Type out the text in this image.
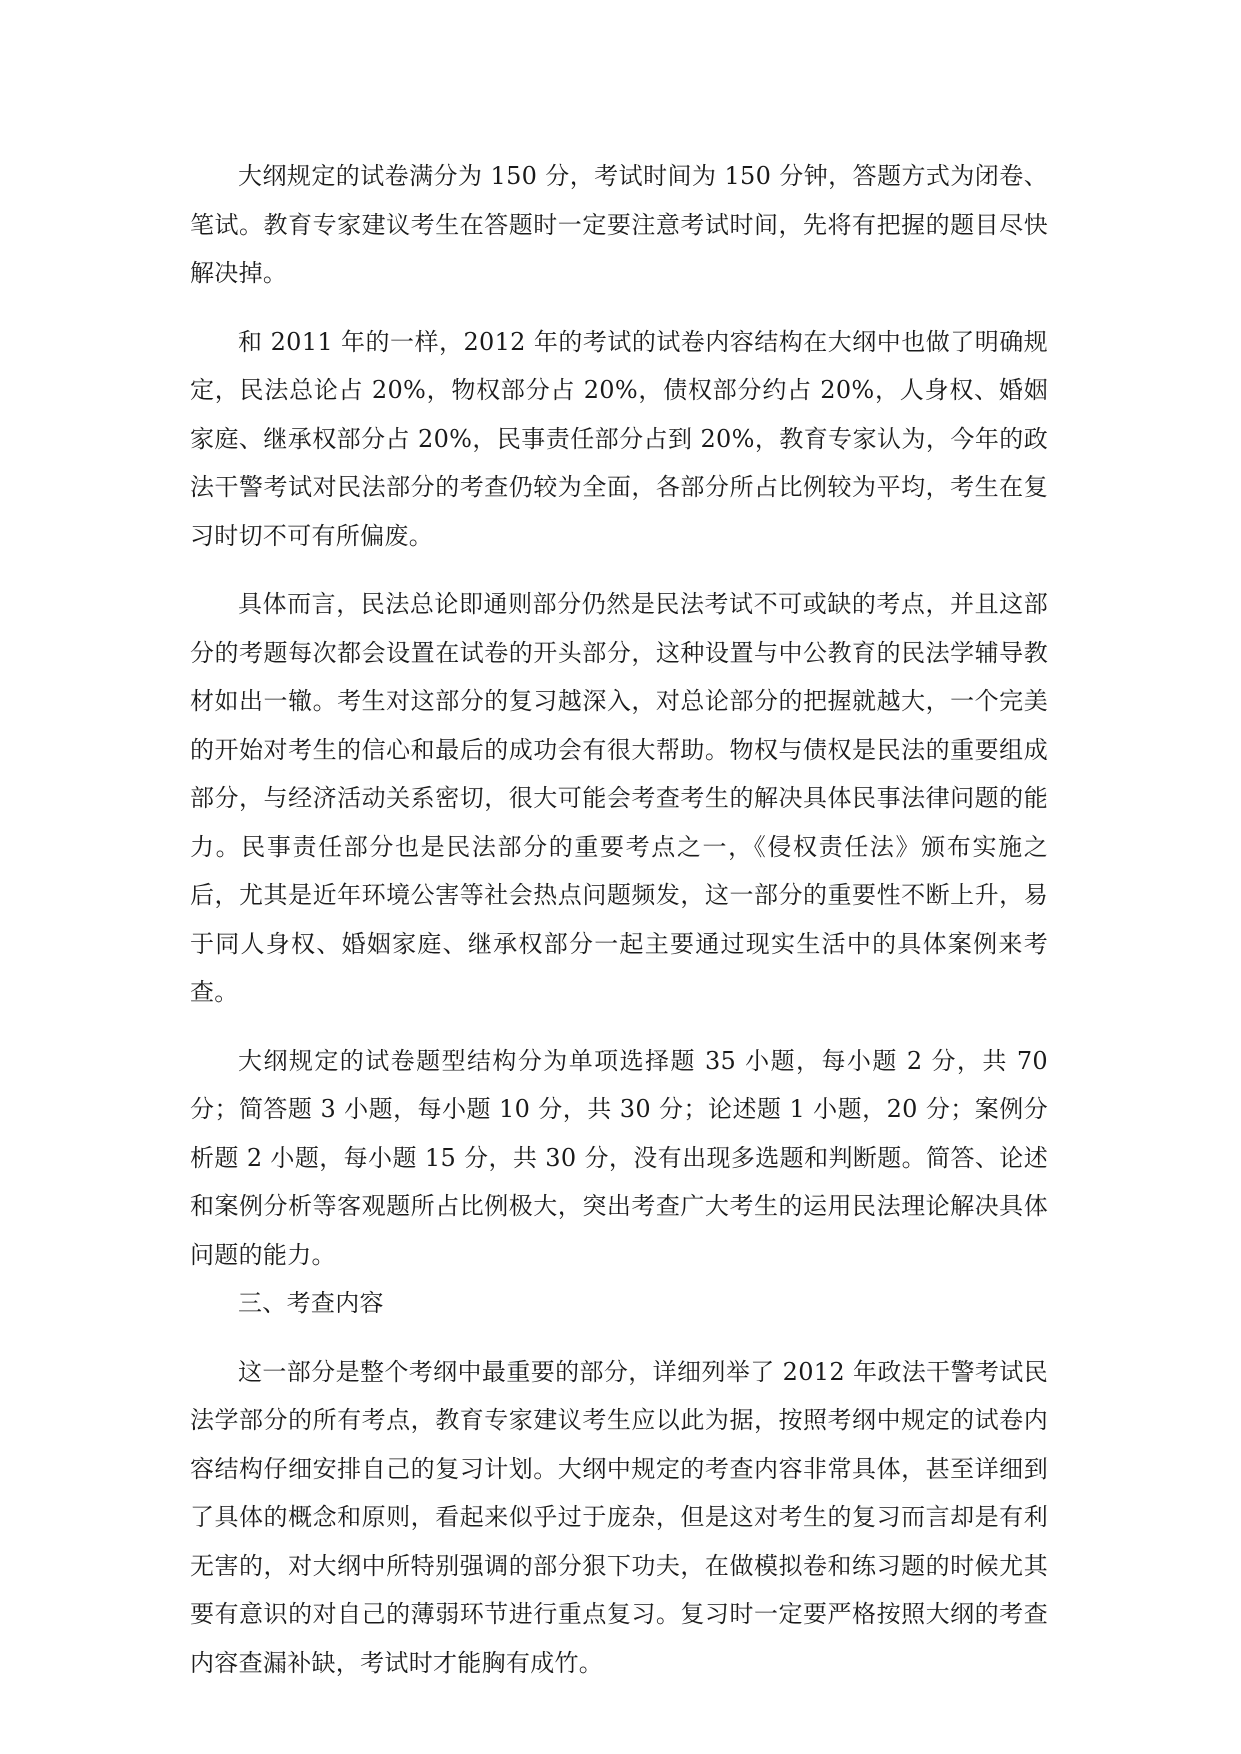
大纲规定的试卷满分为 150 分，考试时间为 150 分钟，答题方式为闭卷、笔试。教育专家建议考生在答题时一定要注意考试时间，先将有把握的题目尽快解决掉。

和 2011 年的一样，2012 年的考试的试卷内容结构在大纲中也做了明确规定，民法总论占 20%，物权部分占 20%，债权部分约占 20%，人身权、婚姻家庭、继承权部分占 20%，民事责任部分占到 20%，教育专家认为，今年的政法干警考试对民法部分的考查仍较为全面，各部分所占比例较为平均，考生在复习时切不可有所偏废。

具体而言，民法总论即通则部分仍然是民法考试不可或缺的考点，并且这部分的考题每次都会设置在试卷的开头部分，这种设置与中公教育的民法学辅导教材如出一辙。考生对这部分的复习越深入，对总论部分的把握就越大，一个完美的开始对考生的信心和最后的成功会有很大帮助。物权与债权是民法的重要组成部分，与经济活动关系密切，很大可能会考查考生的解决具体民事法律问题的能力。民事责任部分也是民法部分的重要考点之一，《侵权责任法》颁布实施之后，尤其是近年环境公害等社会热点问题频发，这一部分的重要性不断上升，易于同人身权、婚姻家庭、继承权部分一起主要通过现实生活中的具体案例来考查。

大纲规定的试卷题型结构分为单项选择题 35 小题，每小题 2 分，共 70 分；简答题 3 小题，每小题 10 分，共 30 分；论述题 1 小题，20 分；案例分析题 2 小题，每小题 15 分，共 30 分，没有出现多选题和判断题。简答、论述和案例分析等客观题所占比例极大，突出考查广大考生的运用民法理论解决具体问题的能力。

三、考查内容

这一部分是整个考纲中最重要的部分，详细列举了 2012 年政法干警考试民法学部分的所有考点，教育专家建议考生应以此为据，按照考纲中规定的试卷内容结构仔细安排自己的复习计划。大纲中规定的考查内容非常具体，甚至详细到了具体的概念和原则，看起来似乎过于庞杂，但是这对考生的复习而言却是有利无害的，对大纲中所特别强调的部分狠下功夫，在做模拟卷和练习题的时候尤其要有意识的对自己的薄弱环节进行重点复习。复习时一定要严格按照大纲的考查内容查漏补缺，考试时才能胸有成竹。
